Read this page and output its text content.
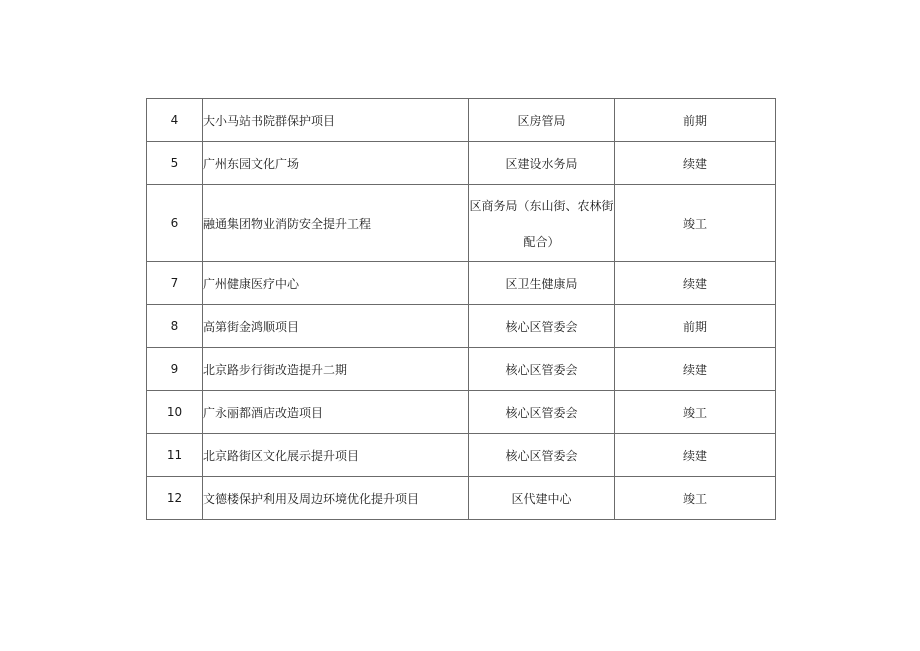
4	大小马站书院群保护项目	区房管局	前期
5	广州东园文化广场	区建设水务局	续建
6	融通集团物业消防安全提升工程	区商务局（东山街、农林街配合）	竣工
7	广州健康医疗中心	区卫生健康局	续建
8	高第街金鸿顺项目	核心区管委会	前期
9	北京路步行街改造提升二期	核心区管委会	续建
10	广永丽都酒店改造项目	核心区管委会	竣工
11	北京路街区文化展示提升项目	核心区管委会	续建
12	文德楼保护利用及周边环境优化提升项目	区代建中心	竣工
